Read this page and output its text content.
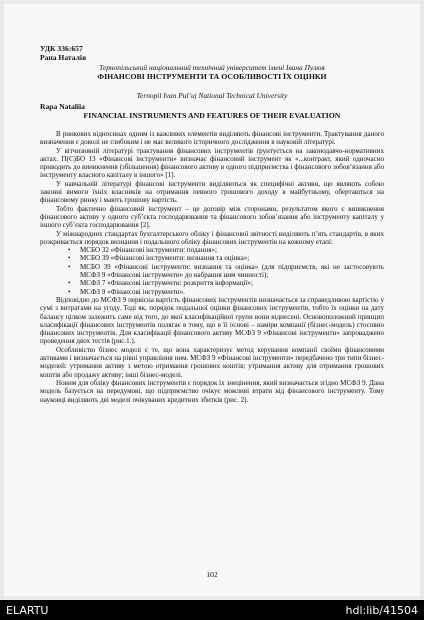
УДК 336:657
Рапа Наталія
Тернопільський національний технічний університет імені Івана Пулюя
ФІНАНСОВІ ІНСТРУМЕНТИ ТА ОСОБЛИВОСТІ ЇХ ОЦІНКИ
Ternopil Ivan Pul’uj National Technical University
Rapa Nataliia
FINANCIAL INSTRUMENTS AND FEATURES OF THEIR EVALUATION

В ринкових відносинах одним із важливих елементів виділяють фінансові інструменти. Трактування даного визначення є доволі не глибоким і не має великого історичного дослідження в науковій літературі.

У вітчизняній літературі трактування фінансових інструментів ґрунтується на законодавчо-нормативних актах. П(С)БО 13 «Фінансові інструменти» визначає фінансовий інструмент як «...контракт, який одночасно приводить до виникнення (збільшення) фінансового активу в одного підприємства і фінансового зобов’язання або інструменту власного капіталу в іншого» [1].

У навчальній літературі фінансові інструменти виділяються як специфічні активи, що являють собою законні вимоги їхніх власників на отримання певного грошового доходу в майбутньому, обертаються на фінансовому ринку і мають грошову вартість.

Тобто фактично фінансовий інструмент – це договір між сторонами, результатом якого є виникнення фінансового активу у одного суб’єкта господарювання та фінансового зобов’язання або інструменту капіталу у іншого суб’єкта господарювання [2].

У міжнародних стандартах бухгалтерського обліку і фінансової звітності виділяють п’ять стандартів, в яких розкривається порядок визнання і подальшого обліку фінансових інструментів на кожному етапі:

• МСБО 32 «Фінансові інструменти: подання»;
• МСБО 39 «Фінансові інструменти: визнання та оцінка»;
• МСБО 39 «Фінансові інструменти: визнання та оцінка» (для підприємств, які не застосовують МСФЗ 9 «Фінансові інструменти» до набрання ним чинності);
• МСФЗ 7 «Фінансові інструменти: розкриття інформації»;
• МСФЗ 9 «Фінансові інструменти».

Відповідно до МСФЗ 9 первісна вартість фінансових інструментів визначається за справедливою вартістю у сумі з витратами на угоду. Тоді як, порядок подальшої оцінки фінансових інструментів, тобто їх оцінки на дату балансу цілком залежить саме від того, до якої класифікаційної групи вони віднесені. Основоположний принцип класифікації фінансових інструментів полягає в тому, що в її основі – наміри компанії (бізнес-модель) стосовно фінансових інструментів. Для класифікації фінансового активу МСФЗ 9 «Фінансові інструменти» запроваджено проведення двох тестів (рис.1.).

Особливістю бізнес моделі є те, що вона характеризує метод керування компанії своїми фінансовими активами і визначається на рівні управління ним. МСФЗ 9 «Фінансові інструменти» передбачено три типи бізнес-моделей: утримання активу з метою отримання грошових коштів; утримання активу для отримання грошових коштів або продажу активу; інші бізнес-моделі.

Новим для обліку фінансових інструментів є порядок їх знецінення, який визначається згідно МСФЗ 9. Дана модель базується на передумові, що підприємство очікує можливі втрати від фінансового інструменту. Тому науковці виділяють дві моделі очікуваних кредитних збитків (рис. 2).

102
ELARTU	hdl:lib/41504
